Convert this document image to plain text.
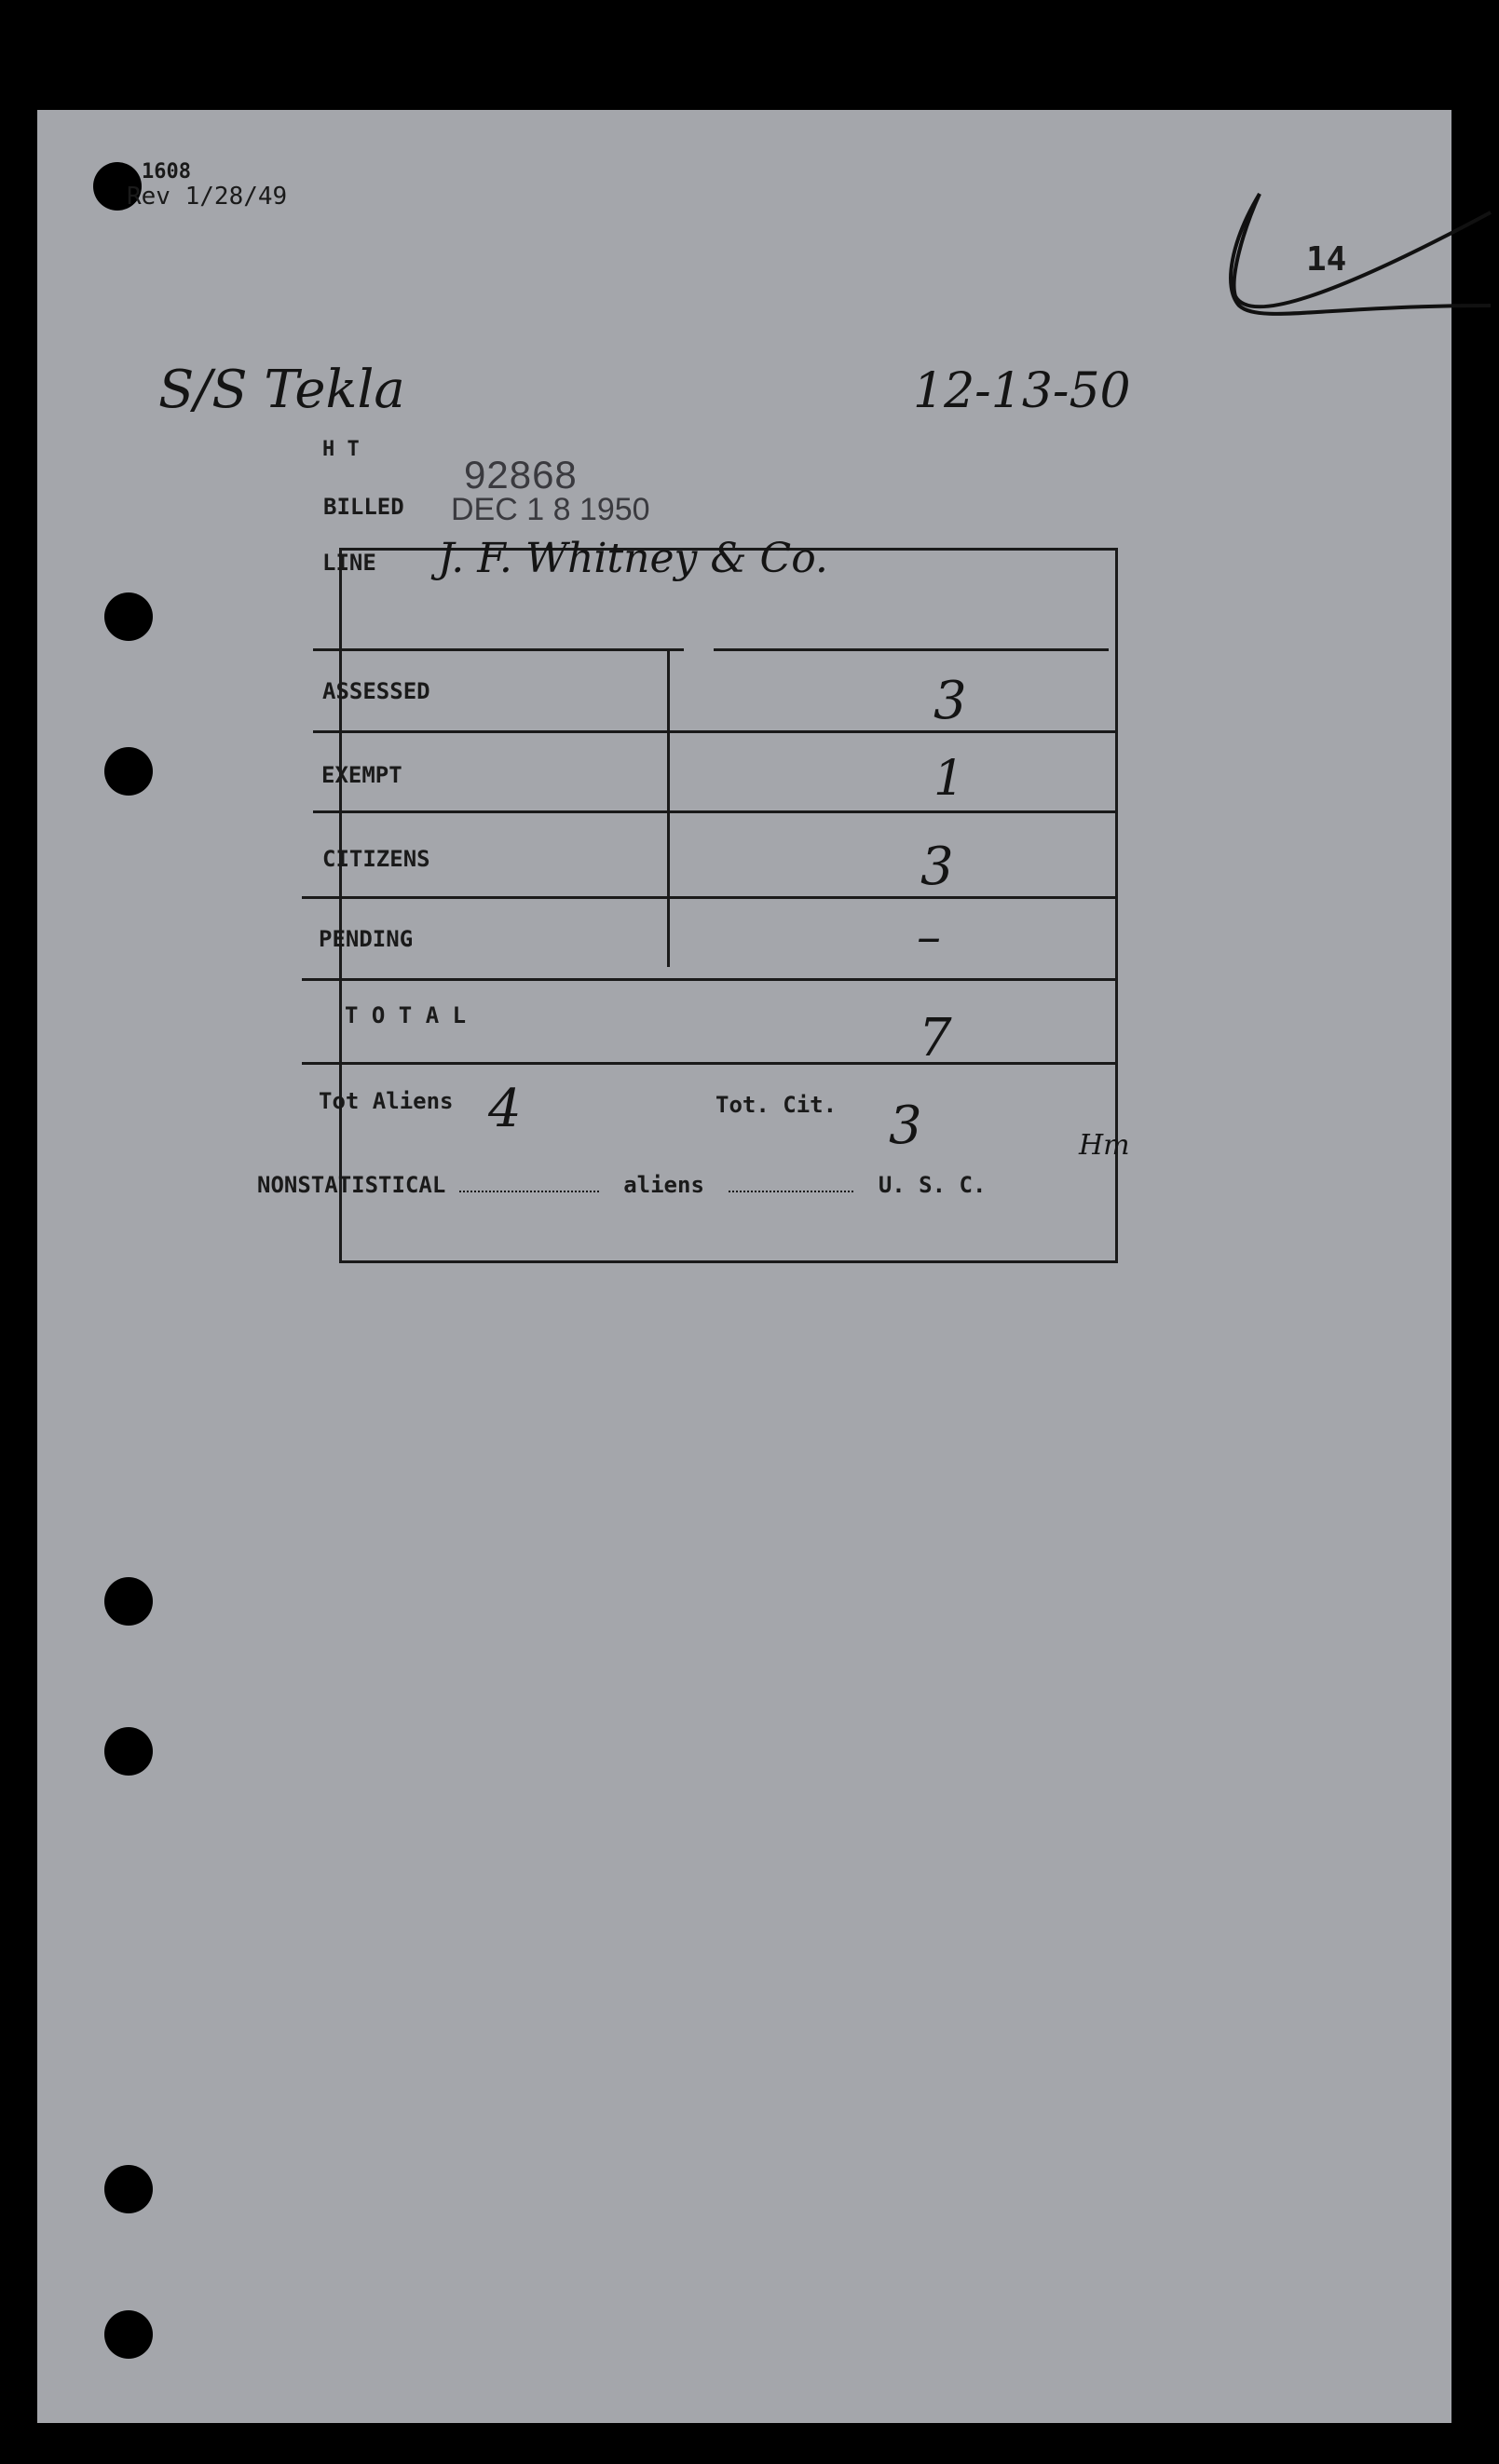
1608
Rev 1/28/49
14
S/S Tekla	12-13-50
H T
92868
BILLED DEC 1 8 1950
LINE J. F. Whitney & Co.
ASSESSED	3
EXEMPT	1
CITIZENS	3
PENDING	–
T O T A L	7
Tot Aliens 4	Tot. Cit. 3	Hm
NONSTATISTICAL	aliens	U. S. C.
